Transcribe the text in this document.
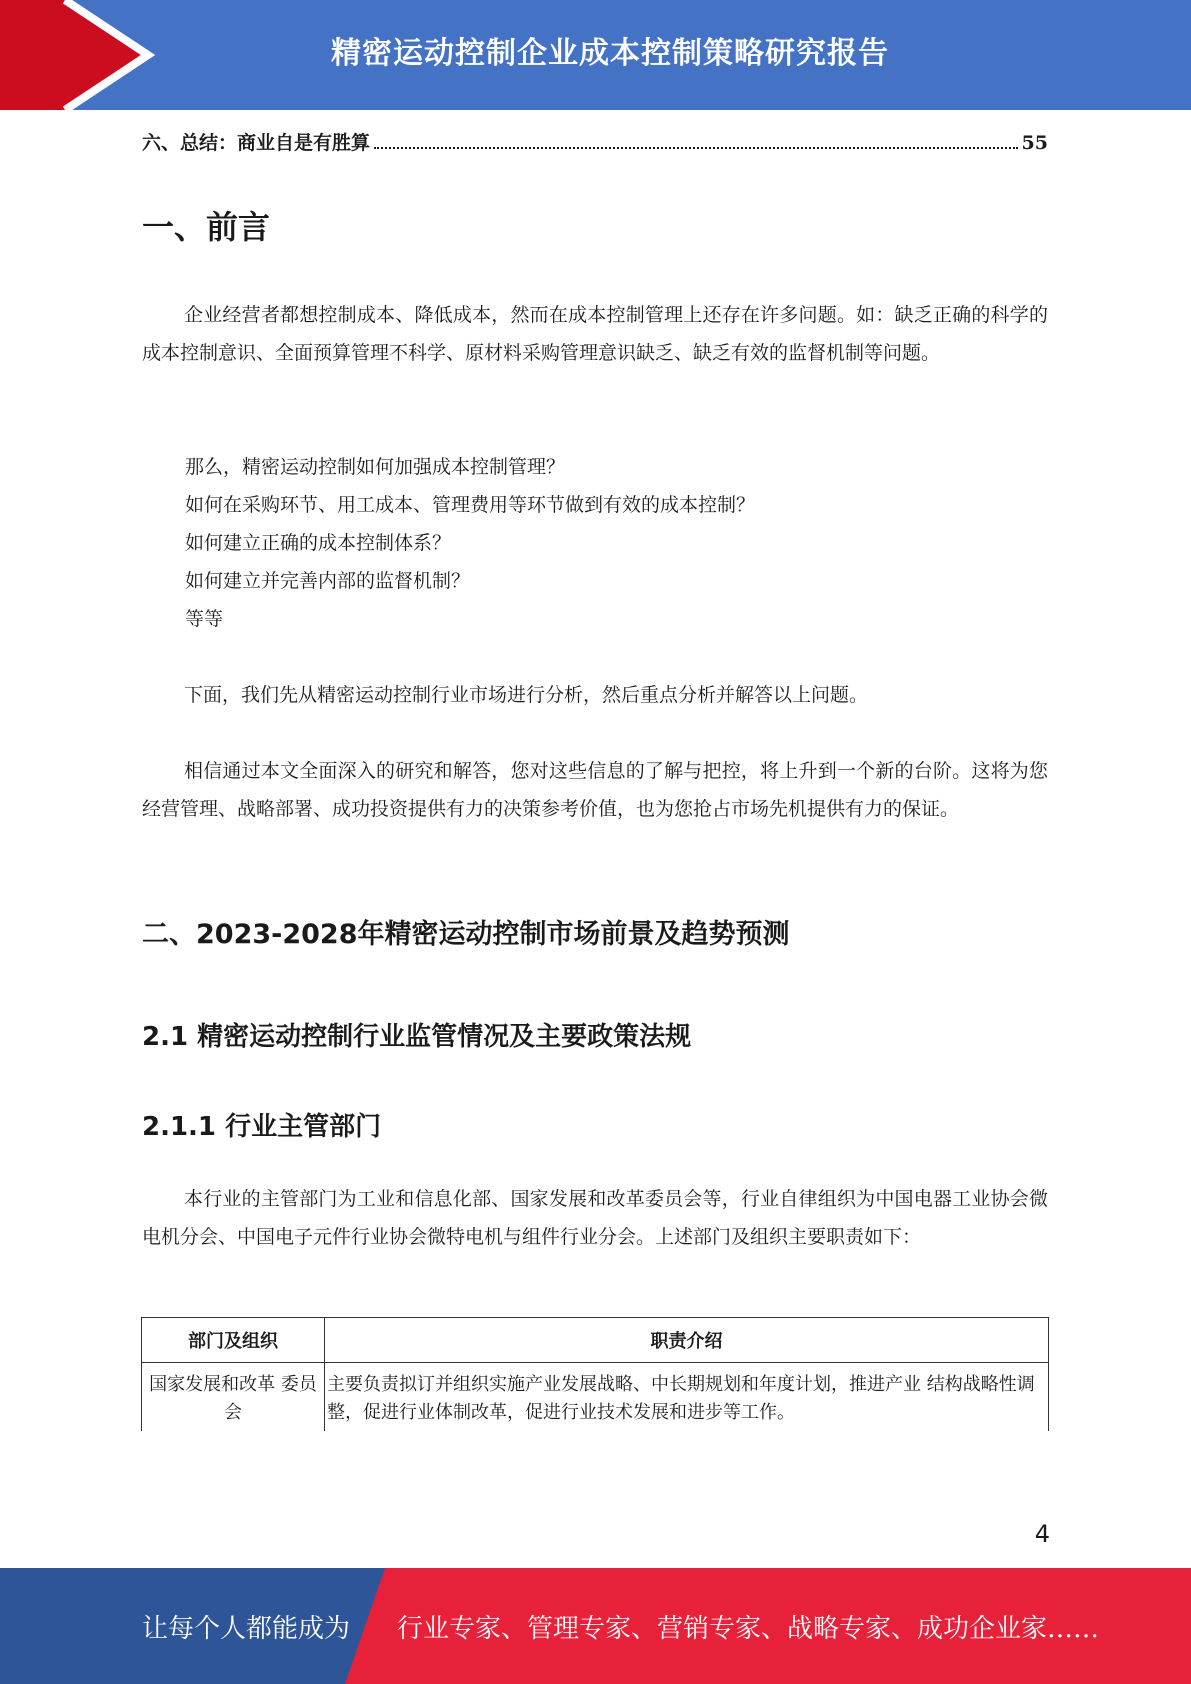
精密运动控制企业成本控制策略研究报告
六、总结：商业自是有胜算	55
一、前言
企业经营者都想控制成本、降低成本，然而在成本控制管理上还存在许多问题。如：缺乏正确的科学的成本控制意识、全面预算管理不科学、原材料采购管理意识缺乏、缺乏有效的监督机制等问题。
那么，精密运动控制如何加强成本控制管理？
如何在采购环节、用工成本、管理费用等环节做到有效的成本控制？
如何建立正确的成本控制体系？
如何建立并完善内部的监督机制？
等等
下面，我们先从精密运动控制行业市场进行分析，然后重点分析并解答以上问题。
相信通过本文全面深入的研究和解答，您对这些信息的了解与把控，将上升到一个新的台阶。这将为您经营管理、战略部署、成功投资提供有力的决策参考价值，也为您抢占市场先机提供有力的保证。
二、2023-2028年精密运动控制市场前景及趋势预测
2.1 精密运动控制行业监管情况及主要政策法规
2.1.1 行业主管部门
本行业的主管部门为工业和信息化部、国家发展和改革委员会等，行业自律组织为中国电器工业协会微电机分会、中国电子元件行业协会微特电机与组件行业分会。上述部门及组织主要职责如下：
部门及组织	职责介绍
国家发展和改革 委员会	主要负责拟订并组织实施产业发展战略、中长期规划和年度计划，推进产业 结构战略性调整，促进行业体制改革，促进行业技术发展和进步等工作。
4
让每个人都能成为 行业专家、管理专家、营销专家、战略专家、成功企业家……
